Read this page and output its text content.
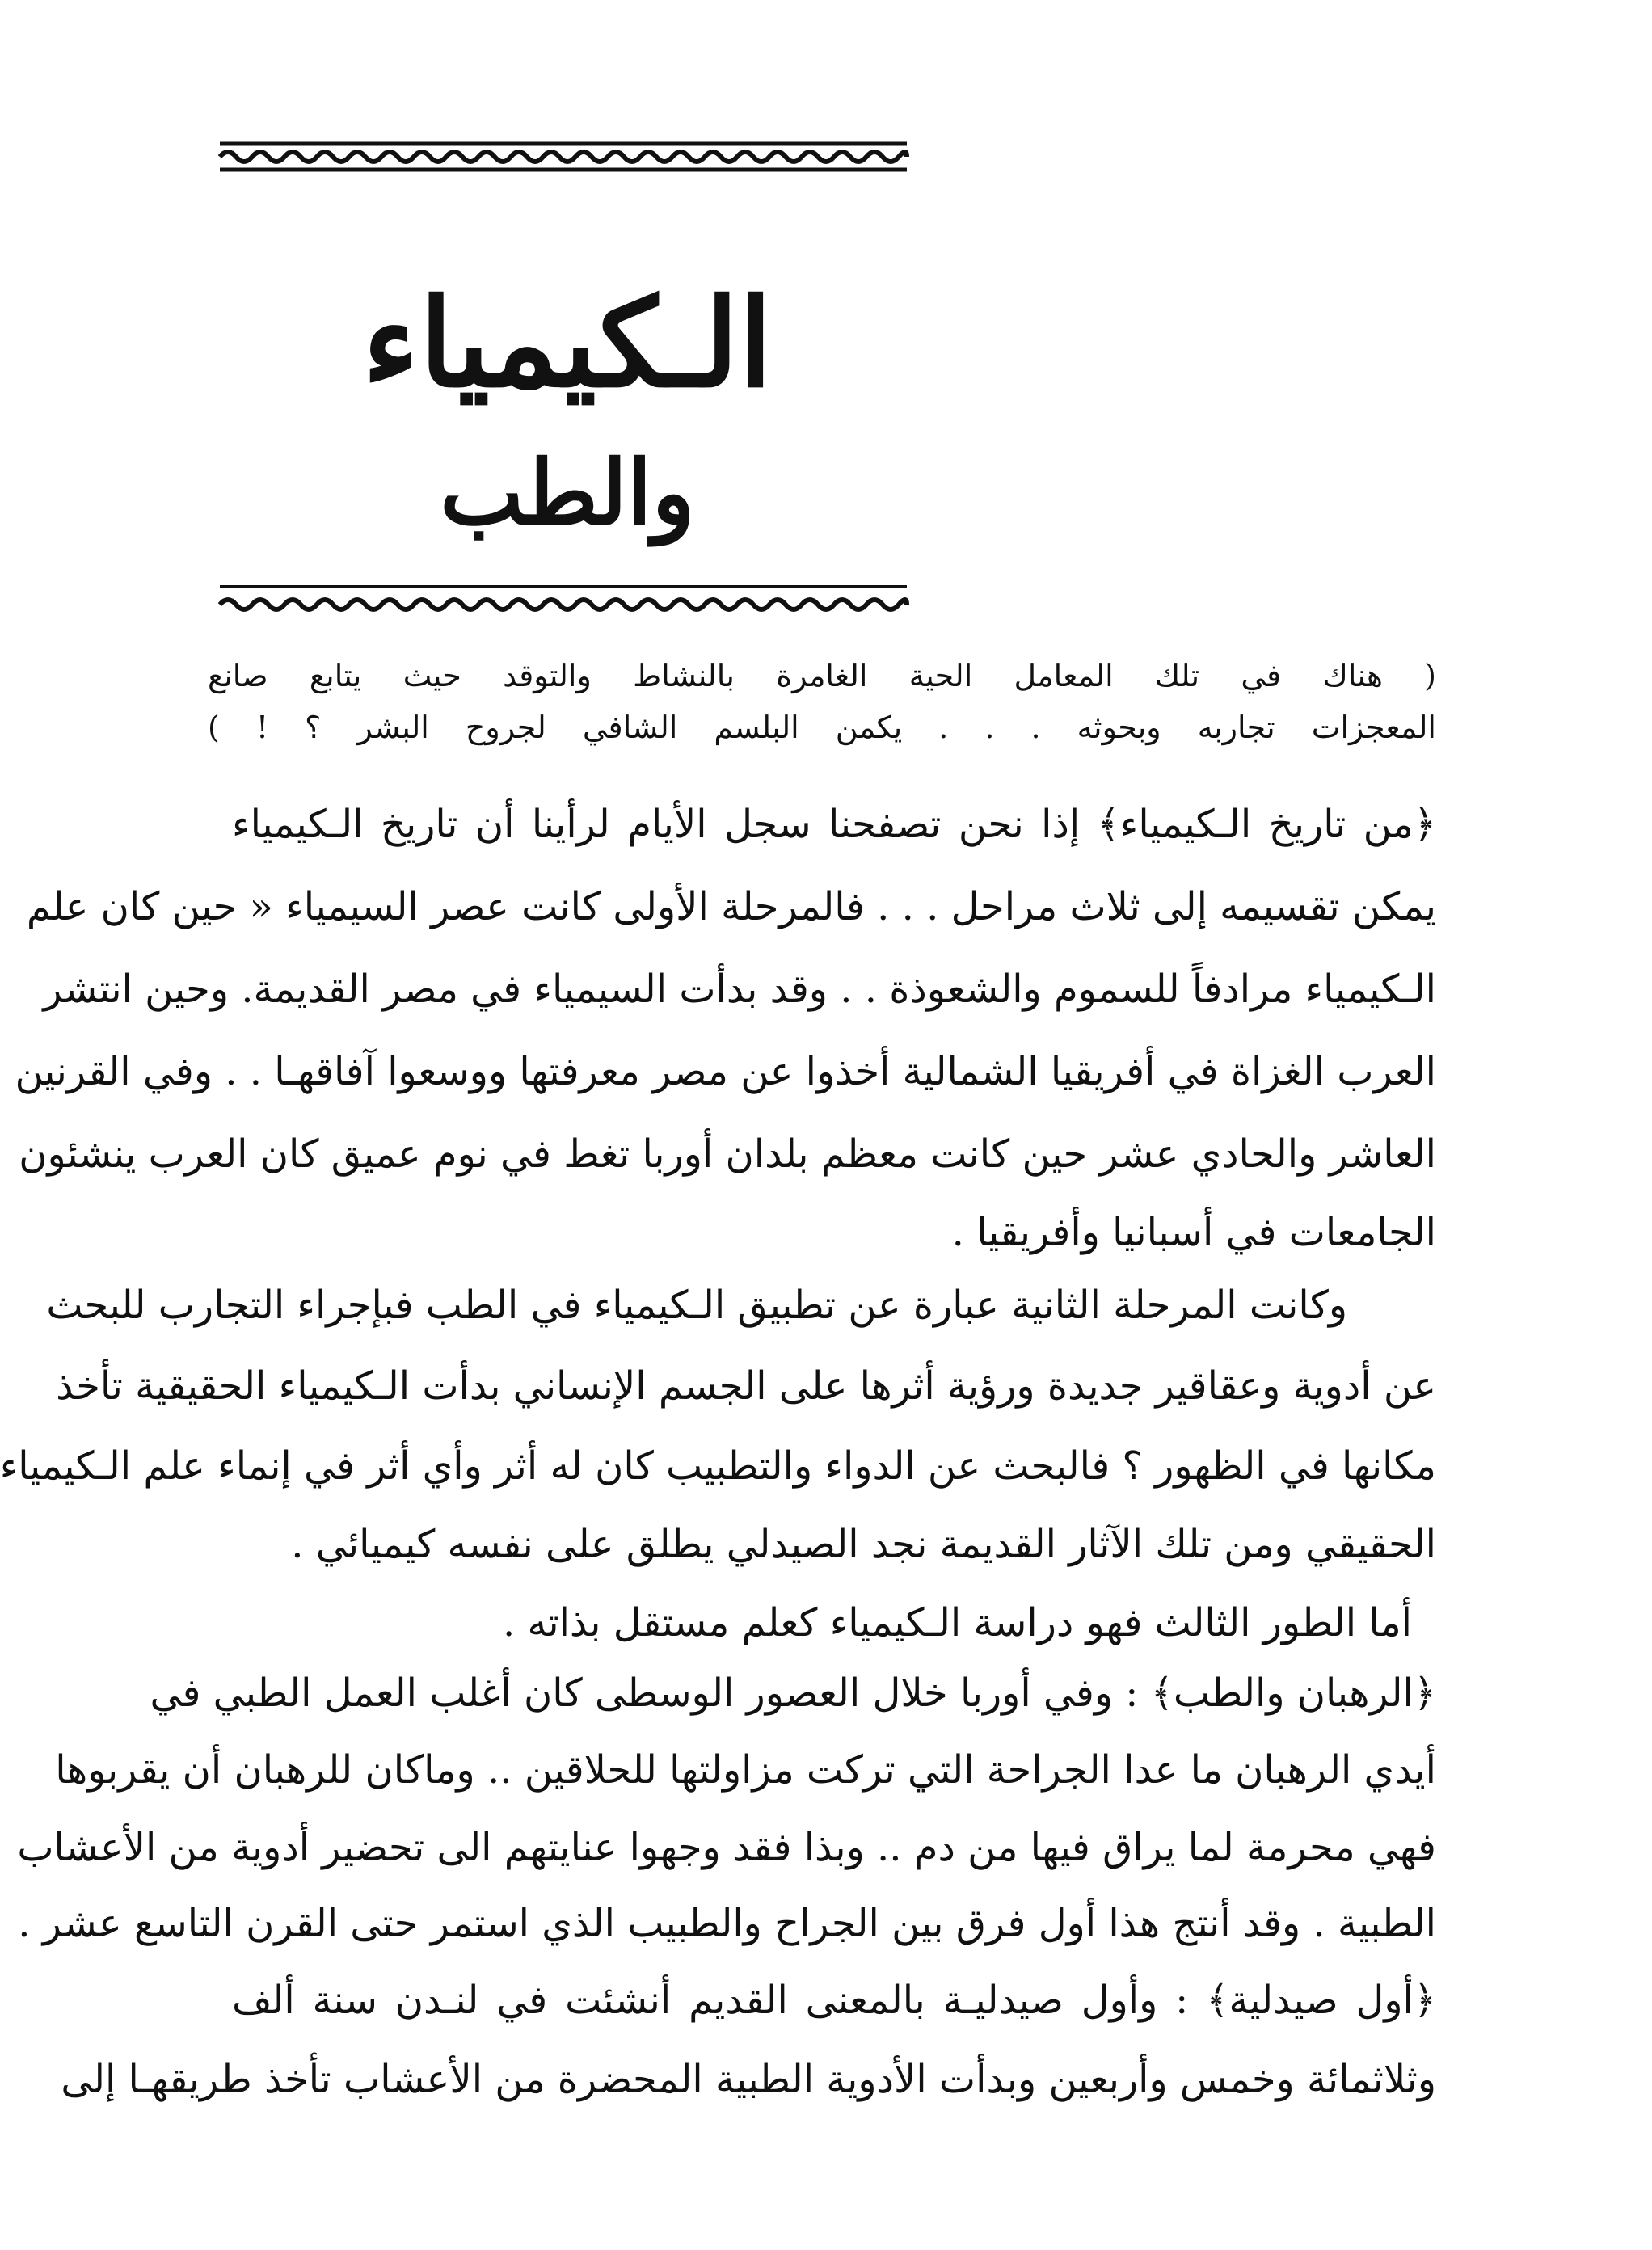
الـكيمياء
والطب
( هناك في تلك المعامل الحية الغامرة بالنشاط والتوقد حيث يتابع صانع
المعجزات تجاربه وبحوثه . . . يكمن البلسم الشافي لجروح البشر ؟ ! )
﴿من تاريخ الـكيمياء﴾ إذا نحن تصفحنا سجل الأيام لرأينا أن تاريخ الـكيمياء
يمكن تقسيمه إلى ثلاث مراحل . . . فالمرحلة الأولى كانت عصر السيمياء « حين كان علم
الـكيمياء مرادفاً للسموم والشعوذة . . وقد بدأت السيمياء في مصر القديمة. وحين انتشر
العرب الغزاة في أفريقيا الشمالية أخذوا عن مصر معرفتها ووسعوا آفاقهـا . . وفي القرنين
العاشر والحادي عشر حين كانت معظم بلدان أوربا تغط في نوم عميق كان العرب ينشئون
الجامعات في أسبانيا وأفريقيا .
وكانت المرحلة الثانية عبارة عن تطبيق الـكيمياء في الطب فبإجراء التجارب للبحث
عن أدوية وعقاقير جديدة ورؤية أثرها على الجسم الإنساني بدأت الـكيمياء الحقيقية تأخذ
مكانها في الظهور ؟ فالبحث عن الدواء والتطبيب كان له أثر وأي أثر في إنماء علم الـكيمياء
الحقيقي ومن تلك الآثار القديمة نجد الصيدلي يطلق على نفسه كيميائي .
أما الطور الثالث فهو دراسة الـكيمياء كعلم مستقل بذاته .
﴿الرهبان والطب﴾ : وفي أوربا خلال العصور الوسطى كان أغلب العمل الطبي في
أيدي الرهبان ما عدا الجراحة التي تركت مزاولتها للحلاقين .. وماكان للرهبان أن يقربوها
فهي محرمة لما يراق فيها من دم .. وبذا فقد وجهوا عنايتهم الى تحضير أدوية من الأعشاب
الطبية . وقد أنتج هذا أول فرق بين الجراح والطبيب الذي استمر حتى القرن التاسع عشر .
﴿أول صيدلية﴾ : وأول صيدليـة بالمعنى القديم أنشئت في لنـدن سنة ألف
وثلاثمائة وخمس وأربعين وبدأت الأدوية الطبية المحضرة من الأعشاب تأخذ طريقهـا إلى
